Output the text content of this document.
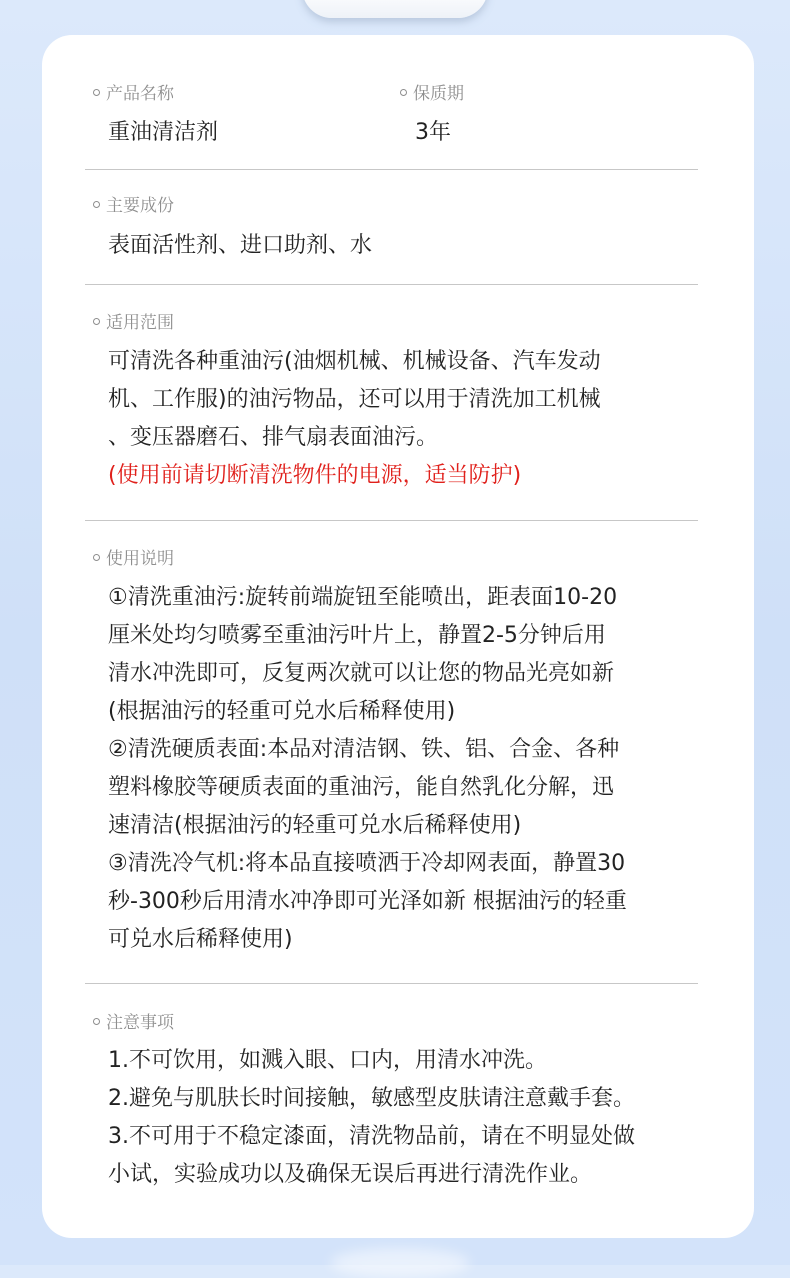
产品名称
重油清洁剂
保质期
3年
主要成份
表面活性剂、进口助剂、水
适用范围
可清洗各种重油污(油烟机械、机械设备、汽车发动
机、工作服)的油污物品，还可以用于清洗加工机械
、变压器磨石、排气扇表面油污。
(使用前请切断清洗物件的电源，适当防护)
使用说明
①清洗重油污:旋转前端旋钮至能喷出，距表面10-20
厘米处均匀喷雾至重油污叶片上，静置2-5分钟后用
清水冲洗即可，反复两次就可以让您的物品光亮如新
(根据油污的轻重可兑水后稀释使用)
②清洗硬质表面:本品对清洁钢、铁、铝、合金、各种
塑料橡胶等硬质表面的重油污，能自然乳化分解，迅
速清洁(根据油污的轻重可兑水后稀释使用)
③清洗冷气机:将本品直接喷洒于冷却网表面，静置30
秒-300秒后用清水冲净即可光泽如新 根据油污的轻重
可兑水后稀释使用)
注意事项
1.不可饮用，如溅入眼、口内，用清水冲洗。
2.避免与肌肤长时间接触，敏感型皮肤请注意戴手套。
3.不可用于不稳定漆面，清洗物品前，请在不明显处做
小试，实验成功以及确保无误后再进行清洗作业。
